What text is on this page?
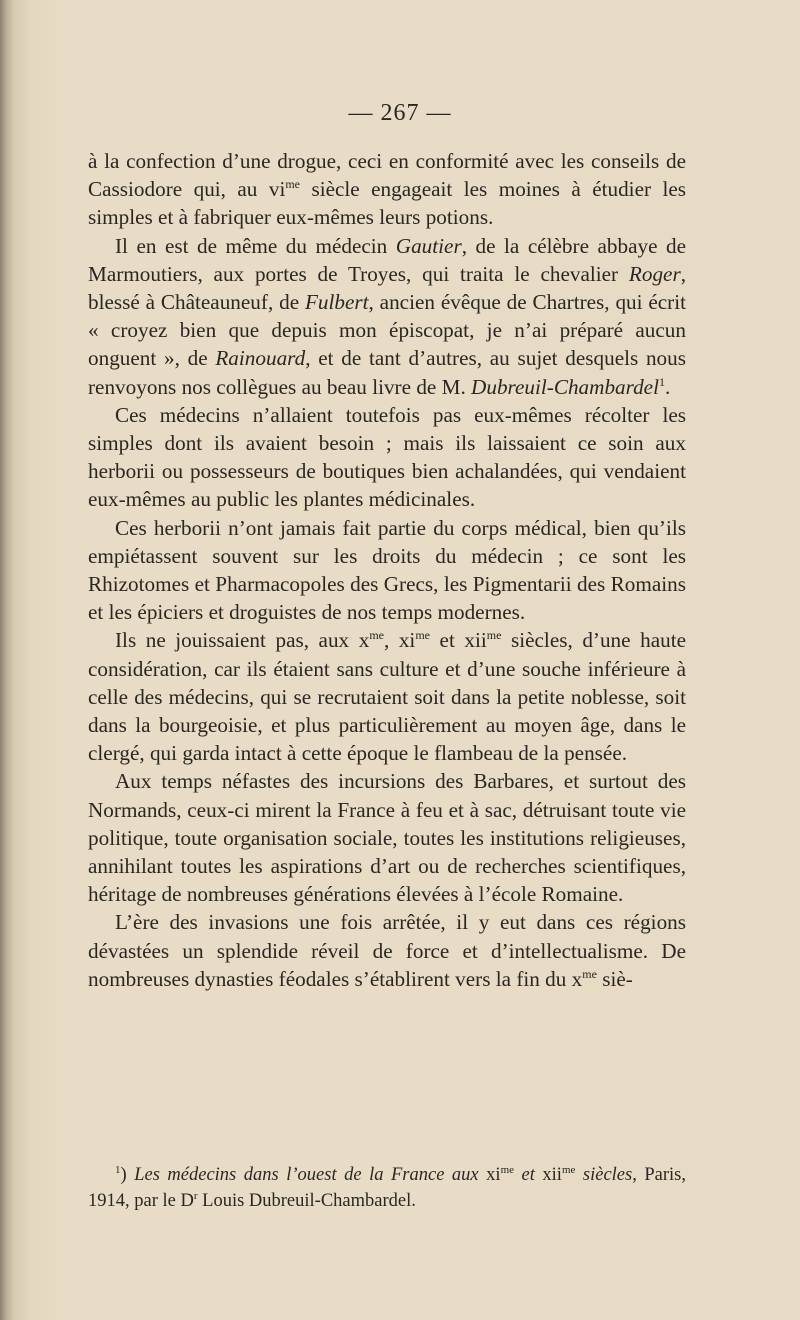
— 267 —

à la confection d’une drogue, ceci en conformité avec les conseils de Cassiodore qui, au $vi^{me}$ siècle engageait les moines à étudier les simples et à fabriquer eux-mêmes leurs potions.

Il en est de même du médecin Gautier, de la célèbre abbaye de Marmoutiers, aux portes de Troyes, qui traita le chevalier Roger, blessé à Châteauneuf, de Fulbert, ancien évêque de Chartres, qui écrit « croyez bien que depuis mon épiscopat, je n’ai préparé aucun onguent », de Rainouard, et de tant d’autres, au sujet desquels nous renvoyons nos collègues au beau livre de M. Dubreuil-Chambardel$^1$.

Ces médecins n’allaient toutefois pas eux-mêmes récolter les simples dont ils avaient besoin ; mais ils laissaient ce soin aux herborii ou possesseurs de boutiques bien achalandées, qui vendaient eux-mêmes au public les plantes médicinales.

Ces herborii n’ont jamais fait partie du corps médical, bien qu’ils empiétassent souvent sur les droits du médecin ; ce sont les Rhizotomes et Pharmacopoles des Grecs, les Pigmentarii des Romains et les épiciers et droguistes de nos temps modernes.

Ils ne jouissaient pas, aux $x^{me}$, $xi^{me}$ et xii$^{me}$ siècles, d’une haute considération, car ils étaient sans culture et d’une souche inférieure à celle des médecins, qui se recrutaient soit dans la petite noblesse, soit dans la bourgeoisie, et plus particulièrement au moyen âge, dans le clergé, qui garda intact à cette époque le flambeau de la pensée.

Aux temps néfastes des incursions des Barbares, et surtout des Normands, ceux-ci mirent la France à feu et à sac, détruisant toute vie politique, toute organisation sociale, toutes les institutions religieuses, annihilant toutes les aspirations d’art ou de recherches scientifiques, héritage de nombreuses générations élevées à l’école Romaine.

L’ère des invasions une fois arrêtée, il y eut dans ces régions dévastées un splendide réveil de force et d’intellectualisme. De nombreuses dynasties féodales s’établirent vers la fin du $x^{me}$ siè-

$^1$) Les médecins dans l’ouest de la France aux $xi^{me}$ et xii$^{me}$ siècles, Paris, 1914, par le $D^r$ Louis Dubreuil-Chambardel.
